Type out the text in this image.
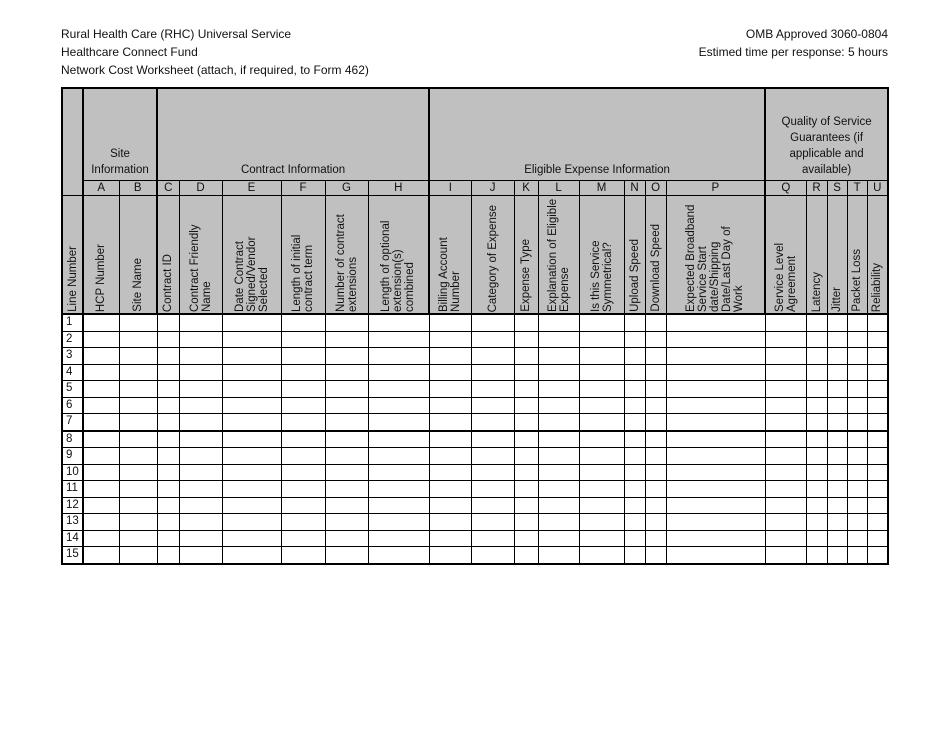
Rural Health Care (RHC) Universal Service
Healthcare Connect Fund
Network Cost Worksheet (attach, if required, to Form 462)
OMB Approved 3060-0804
Estimed time per response: 5 hours
	Site Information		Contract Information						Eligible Expense Information								Quality of Service Guarantees (if applicable and available)				
	A	B	C	D	E	F	G	H	I	J	K	L	M	N	O	P	Q	R	S	T	U

Line Number	HCP Number	Site Name	Contract ID	Contract Friendly Name	Date Contract Signed/Vendor Selected	Length of initial contract term	Number of contract extensions	Length of optional extension(s) combined	Billing Account Number	Category of Expense	Expense Type	Explanation of Eligible Expense	Is this Service Symmetrical?	Upload Speed	Download Speed	Expected Broadband Service Start date/Shipping Date/Last Day of Work	Service Level Agreement	Latency	Jitter	Packet Loss	Reliability

1																					
2																					
3																					
4																					
5																					
6																					
7																					
8																					
9																					
10																					
11																					
12																					
13																					
14																					
15																					
